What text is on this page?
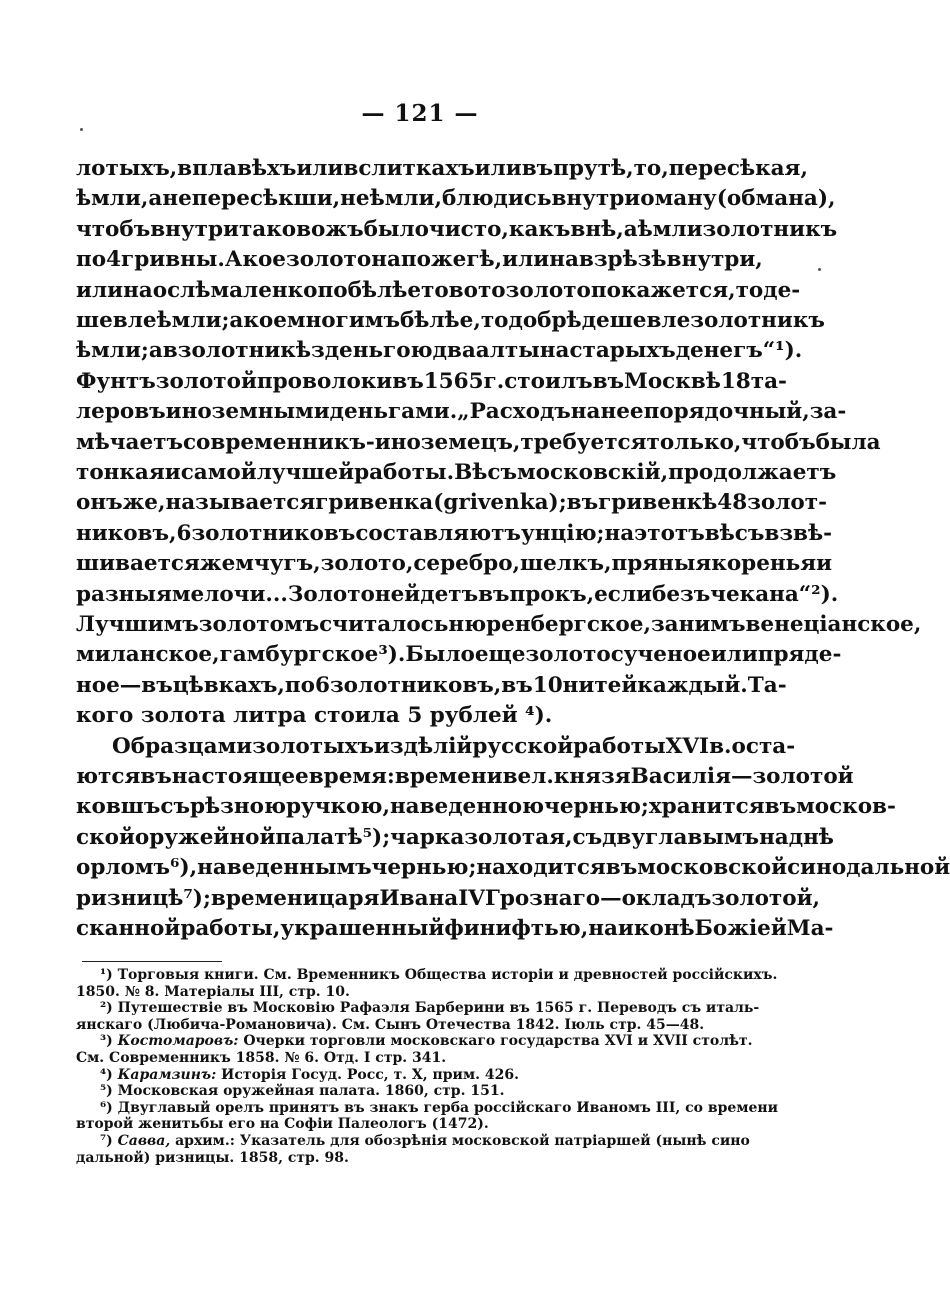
— 121 —
лотыхъ, в плавѣхъ или в слиткахъ или въ прутѣ, то, пересѣкая,
ѣмли, а не пересѣкши, не ѣмли, блюдись внутри оману (обмана),
чтобъ внутри таковожъ было чисто, какъ внѣ, а ѣмли золотникъ
по 4 гривны. А кое золото на пожегѣ, или на взрѣзѣ внутри,
или на ослѣ маленко побѣлѣе тово то золото покажется, то де-
шевле ѣмли; а кое многимъ бѣлѣе, то добрѣ дешевле золотникъ
ѣмли; а в золотникѣ з деньгою два алтына старыхъ денегъ“ ¹).
Фунтъ золотой проволоки въ 1565 г. стоилъ въ Москвѣ 18 та-
леровъ иноземными деньгами. „Расходъ на нее порядочный, за-
мѣчаетъ современникъ-иноземецъ, требуется только, чтобъ была
тонкая и самой лучшей работы. Вѣсъ московскій, продолжаетъ
онъ же, называется гривенка (grivenka); въ гривенкѣ 48 золот-
никовъ, 6 золотниковъ составляютъ унцію; на этотъ вѣсъ взвѣ-
шивается жемчугъ, золото, серебро, шелкъ, пряныя коренья и
разныя мелочи... Золото нейдетъ въ прокъ, если безъ чекана“ ²).
Лучшимъ золотомъ считалось нюренбергское, за нимъ венеціанское,
миланское, гамбургское ³). Было еще золото сученое или пряде-
ное—въ цѣвкахъ, по 6 золотниковъ, въ 10 нитей каждый. Та-
кого золота литра стоила 5 рублей ⁴).
Образцами золотыхъ издѣлій русской работы XVI в. оста-
ются въ настоящее время: времени вел. князя Василія—золотой
ковшъ съ рѣзною ручкою, наведенною чернью; хранится въ москов-
ской оружейной палатѣ ⁵); чарка золотая, съ двуглавымъ на днѣ
орломъ ⁶), наведеннымъ чернью; находится въ московской синодальной
ризницѣ ⁷); времени царя Ивана IV Грознаго—окладъ золотой,
сканной работы, украшенный финифтью, на иконѣ Божіей Ма-
¹) Торговыя книги. См. Временникъ Общества исторіи и древностей россійскихъ.
1850. № 8. Матеріалы III, стр. 10.
²) Путешествіе въ Московію Рафаэля Барберини въ 1565 г. Переводъ съ италь-
янскаго (Любича-Романовича). См. Сынъ Отечества 1842. Іюль стр. 45—48.
³) Костомаровъ: Очерки торговли московскаго государства XVI и XVII столѣт.
См. Современникъ 1858. № 6. Отд. I стр. 341.
⁴) Карамзинъ: Исторія Госуд. Росс, т. X, прим. 426.
⁵) Московская оружейная палата. 1860, стр. 151.
⁶) Двуглавый орелъ принятъ въ знакъ герба россійскаго Иваномъ III, со времени
второй женитьбы его на Софіи Палеологъ (1472).
⁷) Савва, архим.: Указатель для обозрѣнія московской патріаршей (нынѣ сино
дальной) ризницы. 1858, стр. 98.
